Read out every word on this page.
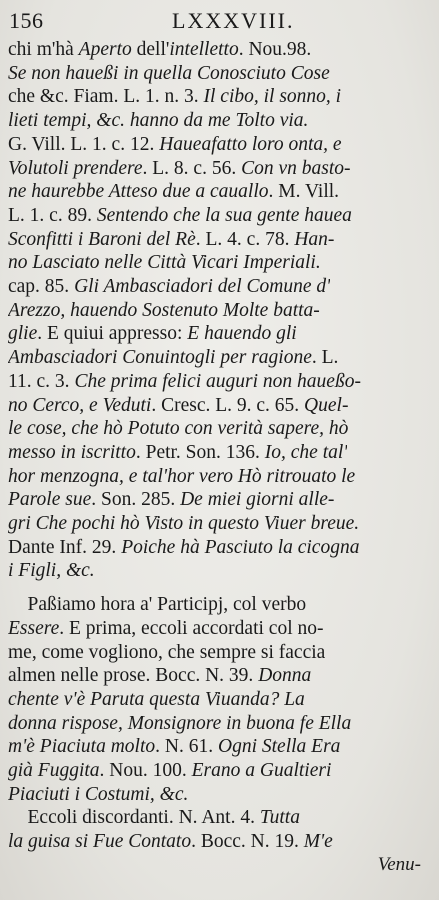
156	LXXXVIII.
chi m'hà Aperto dell'intelletto. Nou.98.
Se non haueßi in quella Conosciuto Cose
che &c. Fiam. L. 1. n. 3. Il cibo, il sonno, i
lieti tempi, &c. hanno da me Tolto via.
G. Vill. L. 1. c. 12. Haueafatto loro onta, e
Volutoli prendere. L. 8. c. 56. Con vn basto-
ne haurebbe Atteso due a cauallo. M. Vill.
L. 1. c. 89. Sentendo che la sua gente hauea
Sconfitti i Baroni del Rè. L. 4. c. 78. Han-
no Lasciato nelle Città Vicari Imperiali.
cap. 85. Gli Ambasciadori del Comune d'
Arezzo, hauendo Sostenuto Molte batta-
glie. E quiui appresso: E hauendo gli
Ambasciadori Conuintogli per ragione. L.
11. c. 3. Che prima felici auguri non haueßo-
no Cerco, e Veduti. Cresc. L. 9. c. 65. Quel-
le cose, che hò Potuto con verità sapere, hò
messo in iscritto. Petr. Son. 136. Io, che tal'
hor menzogna, e tal'hor vero Hò ritrouato le
Parole sue. Son. 285. De miei giorni alle-
gri Che pochi hò Visto in questo Viuer breue.
Dante Inf. 29. Poiche hà Pasciuto la cicogna
i Figli, &c.
 Paßiamo hora a' Participj, col verbo
Essere. E prima, eccoli accordati col no-
me, come vogliono, che sempre si faccia
almen nelle prose. Bocc. N. 39. Donna
chente v'è Paruta questa Viuanda? La
donna rispose, Monsignore in buona fe Ella
m'è Piaciuta molto. N. 61. Ogni Stella Era
già Fuggita. Nou. 100. Erano a Gualtieri
Piaciuti i Costumi, &c.
 Eccoli discordanti. N. Ant. 4. Tutta
la guisa si Fue Contato. Bocc. N. 19. M'e
Venu-
